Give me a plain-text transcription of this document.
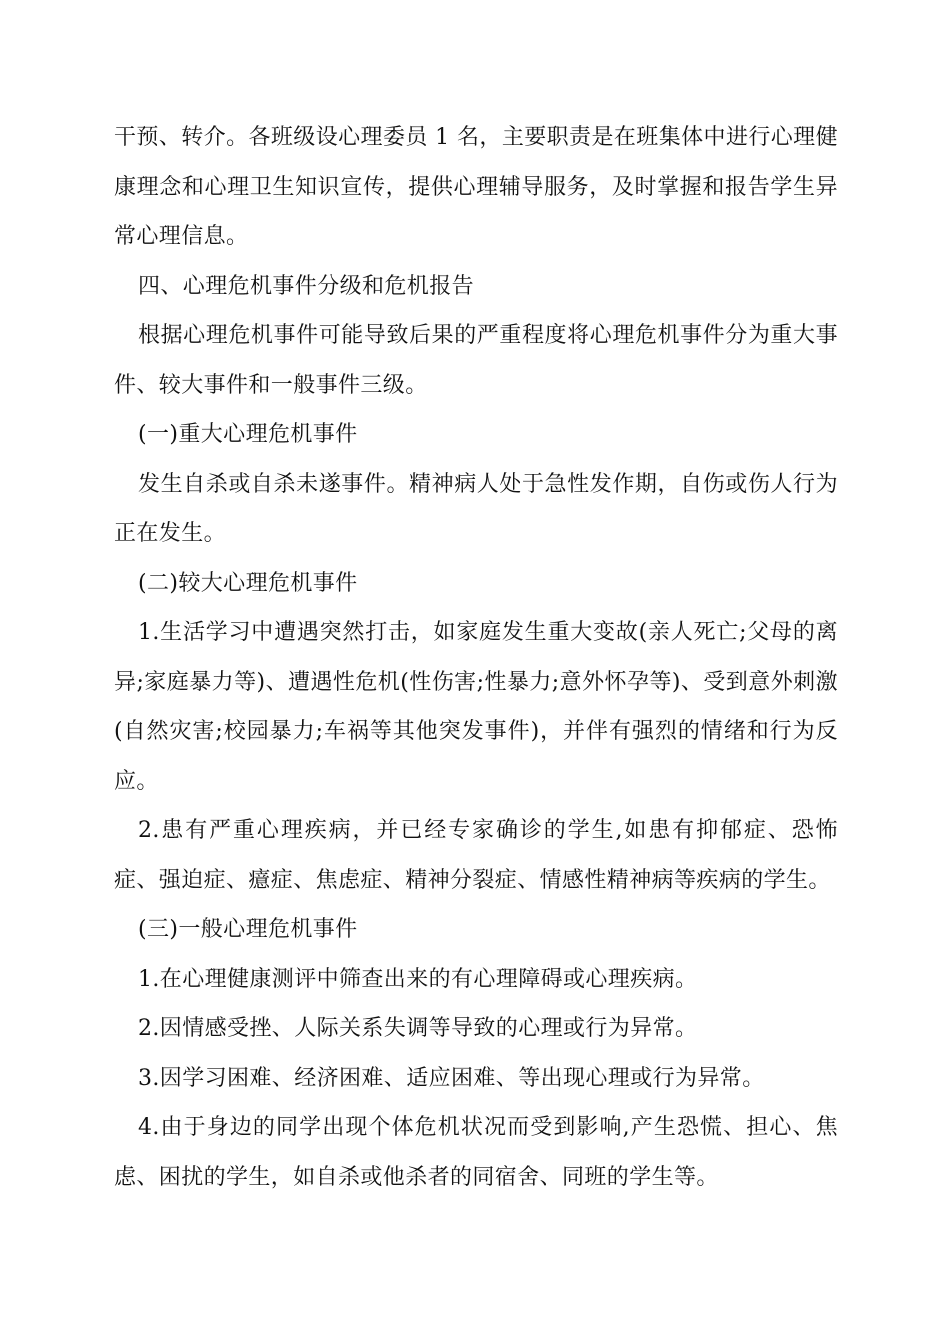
干预、转介。各班级设心理委员 1 名，主要职责是在班集体中进行心理健康理念和心理卫生知识宣传，提供心理辅导服务，及时掌握和报告学生异常心理信息。

四、心理危机事件分级和危机报告

根据心理危机事件可能导致后果的严重程度将心理危机事件分为重大事件、较大事件和一般事件三级。

(一)重大心理危机事件

发生自杀或自杀未遂事件。精神病人处于急性发作期，自伤或伤人行为正在发生。

(二)较大心理危机事件

1.生活学习中遭遇突然打击，如家庭发生重大变故(亲人死亡;父母的离异;家庭暴力等)、遭遇性危机(性伤害;性暴力;意外怀孕等)、受到意外刺激(自然灾害;校园暴力;车祸等其他突发事件)，并伴有强烈的情绪和行为反应。

2.患有严重心理疾病，并已经专家确诊的学生,如患有抑郁症、恐怖症、强迫症、癔症、焦虑症、精神分裂症、情感性精神病等疾病的学生。

(三)一般心理危机事件

1.在心理健康测评中筛查出来的有心理障碍或心理疾病。

2.因情感受挫、人际关系失调等导致的心理或行为异常。

3.因学习困难、经济困难、适应困难、等出现心理或行为异常。

4.由于身边的同学出现个体危机状况而受到影响,产生恐慌、担心、焦虑、困扰的学生，如自杀或他杀者的同宿舍、同班的学生等。
